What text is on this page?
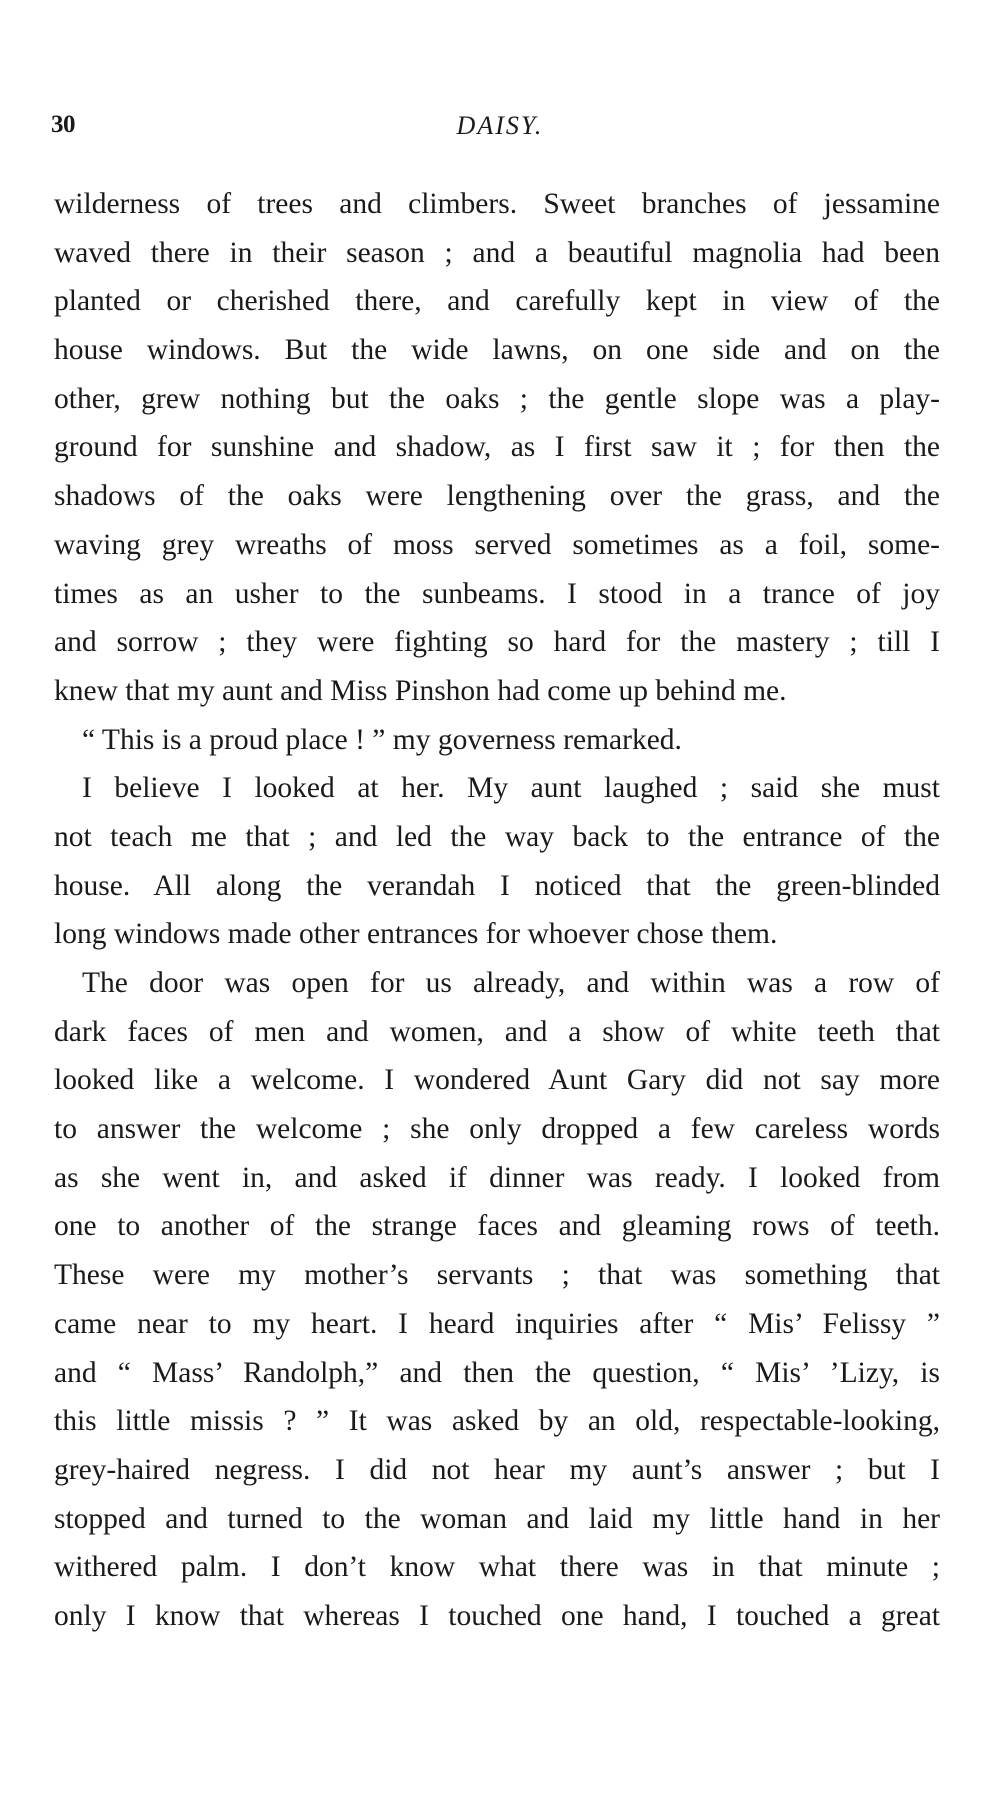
30	DAISY.
wilderness of trees and climbers. Sweet branches of jessamine
waved there in their season ; and a beautiful magnolia had been
planted or cherished there, and carefully kept in view of the
house windows. But the wide lawns, on one side and on the
other, grew nothing but the oaks ; the gentle slope was a play-
ground for sunshine and shadow, as I first saw it ; for then the
shadows of the oaks were lengthening over the grass, and the
waving grey wreaths of moss served sometimes as a foil, some-
times as an usher to the sunbeams. I stood in a trance of joy
and sorrow ; they were fighting so hard for the mastery ; till I
knew that my aunt and Miss Pinshon had come up behind me.
“ This is a proud place ! ” my governess remarked.
I believe I looked at her. My aunt laughed ; said she must
not teach me that ; and led the way back to the entrance of the
house. All along the verandah I noticed that the green-blinded
long windows made other entrances for whoever chose them.
The door was open for us already, and within was a row of
dark faces of men and women, and a show of white teeth that
looked like a welcome. I wondered Aunt Gary did not say more
to answer the welcome ; she only dropped a few careless words
as she went in, and asked if dinner was ready. I looked from
one to another of the strange faces and gleaming rows of teeth.
These were my mother’s servants ; that was something that
came near to my heart. I heard inquiries after “ Mis’ Felissy ”
and “ Mass’ Randolph,” and then the question, “ Mis’ ’Lizy, is
this little missis ? ” It was asked by an old, respectable-looking,
grey-haired negress. I did not hear my aunt’s answer ; but I
stopped and turned to the woman and laid my little hand in her
withered palm. I don’t know what there was in that minute ;
only I know that whereas I touched one hand, I touched a great
